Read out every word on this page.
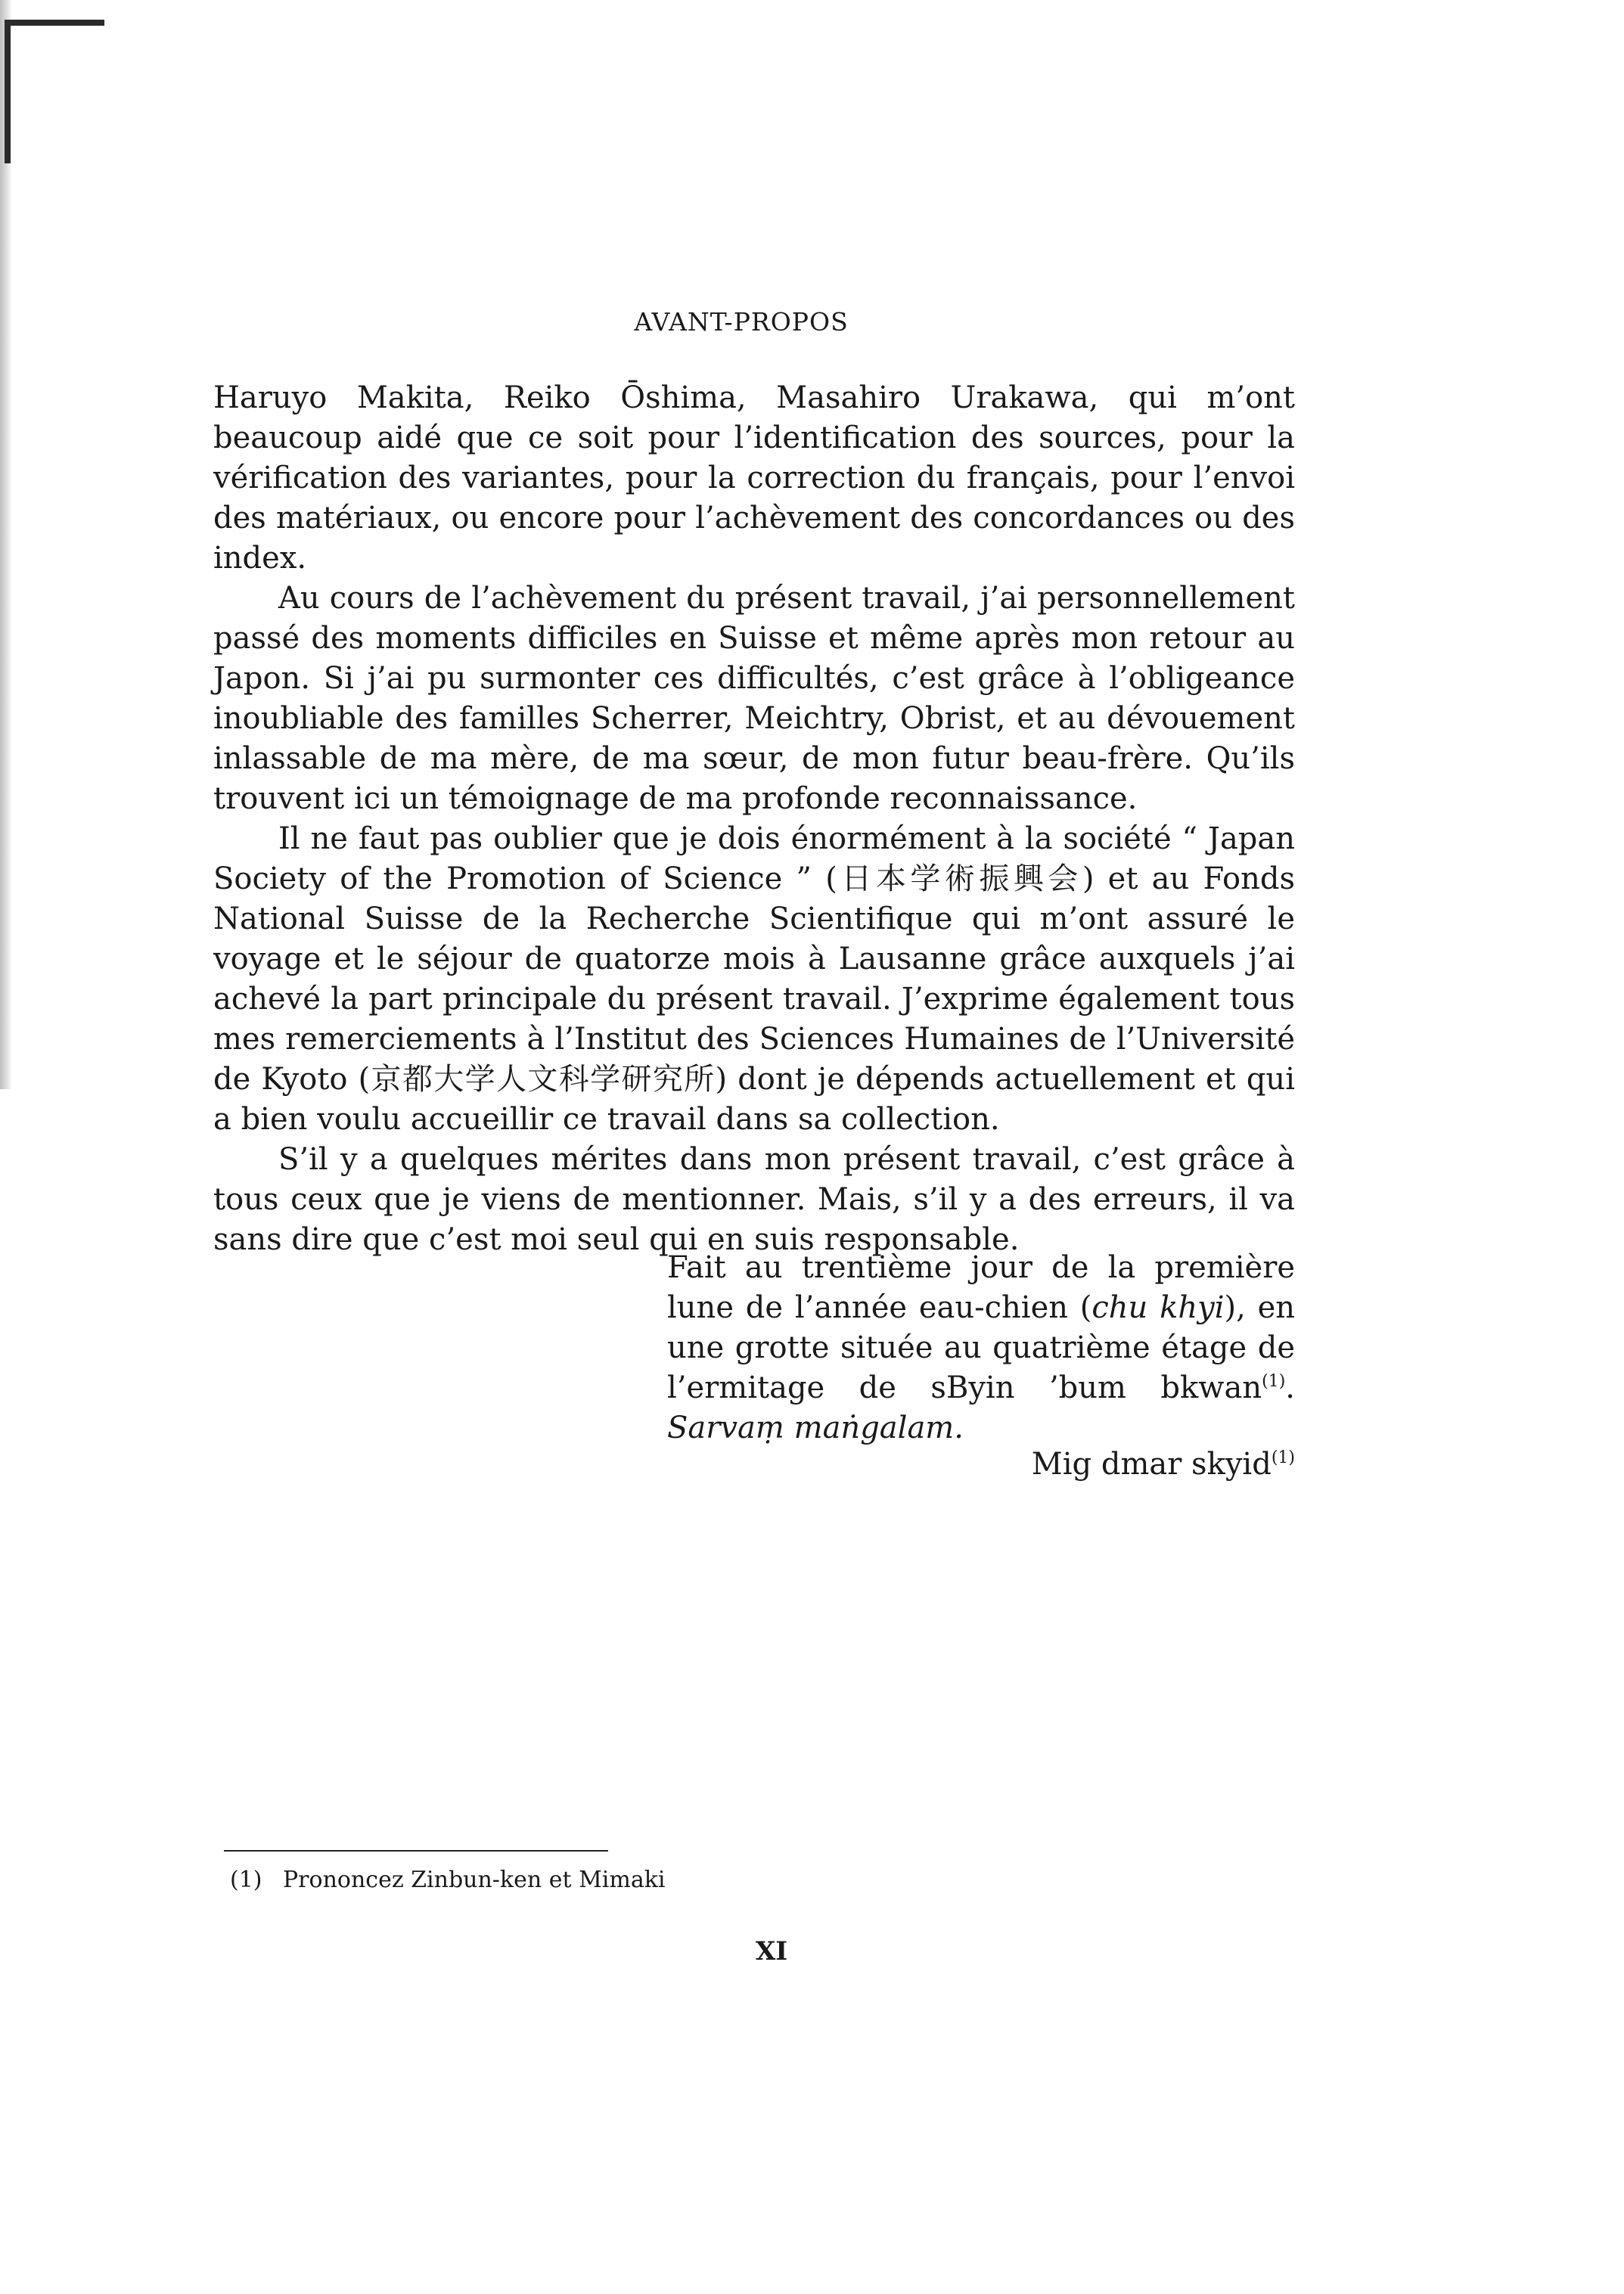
AVANT-PROPOS

Haruyo Makita, Reiko Ōshima, Masahiro Urakawa, qui m’ont beaucoup aidé que ce soit pour l’identification des sources, pour la vérification des variantes, pour la correction du français, pour l’envoi des matériaux, ou encore pour l’achèvement des concordances ou des index.

Au cours de l’achèvement du présent travail, j’ai personnellement passé des moments difficiles en Suisse et même après mon retour au Japon. Si j’ai pu surmonter ces difficultés, c’est grâce à l’obligeance inoubliable des familles Scherrer, Meichtry, Obrist, et au dévouement inlassable de ma mère, de ma sœur, de mon futur beau-frère. Qu’ils trouvent ici un témoignage de ma profonde reconnaissance.

Il ne faut pas oublier que je dois énormément à la société “ Japan Society of the Promotion of Science ” (日本学術振興会) et au Fonds National Suisse de la Recherche Scientifique qui m’ont assuré le voyage et le séjour de quatorze mois à Lausanne grâce auxquels j’ai achevé la part principale du présent travail. J’exprime également tous mes remerciements à l’Institut des Sciences Humaines de l’Université de Kyoto (京都大学人文科学研究所) dont je dépends actuellement et qui a bien voulu accueillir ce travail dans sa collection.

S’il y a quelques mérites dans mon présent travail, c’est grâce à tous ceux que je viens de mentionner. Mais, s’il y a des erreurs, il va sans dire que c’est moi seul qui en suis responsable.

Fait au trentième jour de la première lune de l’année eau-chien (chu khyi), en une grotte située au quatrième étage de l’ermitage de sByin ’bum bkwan$^{(1)}$. Sarvaṃ maṅgalam.
Mig dmar skyid$^{(1)}$
(1) Prononcez Zinbun-ken et Mimaki
XI
